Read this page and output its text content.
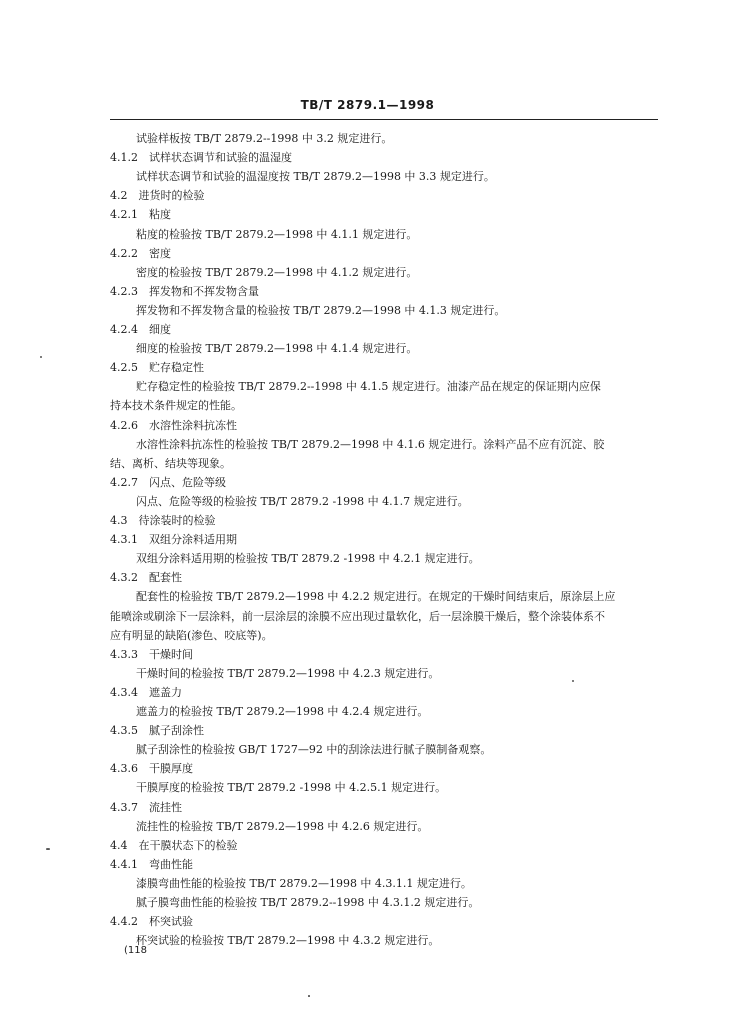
TB/T 2879.1—1998
试验样板按 TB/T 2879.2--1998 中 3.2 规定进行。
4.1.2　试样状态调节和试验的温湿度
试样状态调节和试验的温湿度按 TB/T 2879.2—1998 中 3.3 规定进行。
4.2　进货时的检验
4.2.1　粘度
粘度的检验按 TB/T 2879.2—1998 中 4.1.1 规定进行。
4.2.2　密度
密度的检验按 TB/T 2879.2—1998 中 4.1.2 规定进行。
4.2.3　挥发物和不挥发物含量
挥发物和不挥发物含量的检验按 TB/T 2879.2—1998 中 4.1.3 规定进行。
4.2.4　细度
细度的检验按 TB/T 2879.2—1998 中 4.1.4 规定进行。
4.2.5　贮存稳定性
贮存稳定性的检验按 TB/T 2879.2--1998 中 4.1.5 规定进行。油漆产品在规定的保证期内应保
持本技术条件规定的性能。
4.2.6　水溶性涂料抗冻性
水溶性涂料抗冻性的检验按 TB/T 2879.2—1998 中 4.1.6 规定进行。涂料产品不应有沉淀、胶
结、离析、结块等现象。
4.2.7　闪点、危险等级
闪点、危险等级的检验按 TB/T 2879.2 -1998 中 4.1.7 规定进行。
4.3　待涂装时的检验
4.3.1　双组分涂料适用期
双组分涂料适用期的检验按 TB/T 2879.2 -1998 中 4.2.1 规定进行。
4.3.2　配套性
配套性的检验按 TB/T 2879.2—1998 中 4.2.2 规定进行。在规定的干燥时间结束后，原涂层上应
能喷涂或刷涂下一层涂料，前一层涂层的涂膜不应出现过量软化，后一层涂膜干燥后，整个涂装体系不
应有明显的缺陷(渗色、咬底等)。
4.3.3　干燥时间
干燥时间的检验按 TB/T 2879.2—1998 中 4.2.3 规定进行。
4.3.4　遮盖力
遮盖力的检验按 TB/T 2879.2—1998 中 4.2.4 规定进行。
4.3.5　腻子刮涂性
腻子刮涂性的检验按 GB/T 1727—92 中的刮涂法进行腻子膜制备观察。
4.3.6　干膜厚度
干膜厚度的检验按 TB/T 2879.2 -1998 中 4.2.5.1 规定进行。
4.3.7　流挂性
流挂性的检验按 TB/T 2879.2—1998 中 4.2.6 规定进行。
4.4　在干膜状态下的检验
4.4.1　弯曲性能
漆膜弯曲性能的检验按 TB/T 2879.2—1998 中 4.3.1.1 规定进行。
腻子膜弯曲性能的检验按 TB/T 2879.2--1998 中 4.3.1.2 规定进行。
4.4.2　杯突试验
杯突试验的检验按 TB/T 2879.2—1998 中 4.3.2 规定进行。
(118
